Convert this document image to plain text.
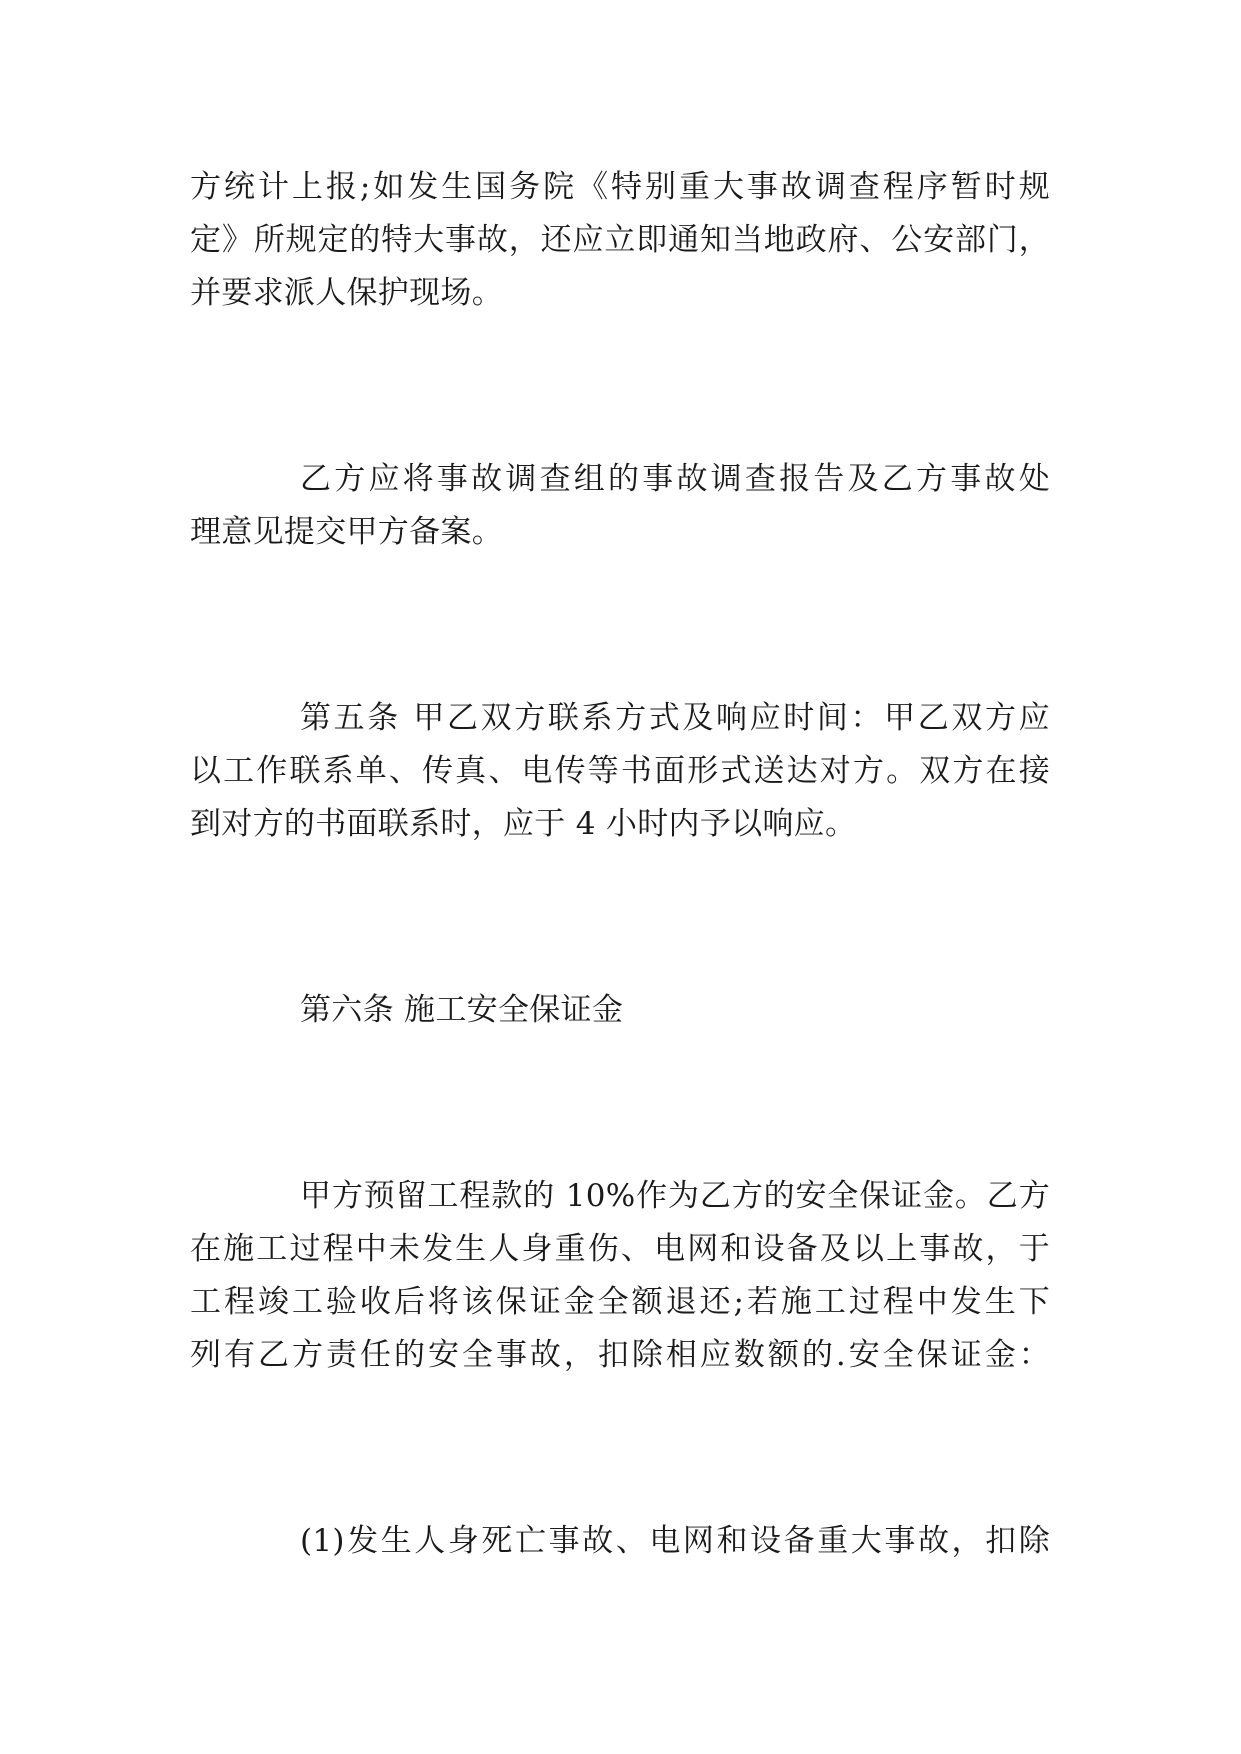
方统计上报;如发生国务院《特别重大事故调查程序暂时规

定》所规定的特大事故，还应立即通知当地政府、公安部门，

并要求派人保护现场。

乙方应将事故调查组的事故调查报告及乙方事故处

理意见提交甲方备案。

第五条 甲乙双方联系方式及响应时间：甲乙双方应

以工作联系单、传真、电传等书面形式送达对方。双方在接

到对方的书面联系时，应于 4 小时内予以响应。

第六条 施工安全保证金

甲方预留工程款的 10%作为乙方的安全保证金。乙方

在施工过程中未发生人身重伤、电网和设备及以上事故，于

工程竣工验收后将该保证金全额退还;若施工过程中发生下

列有乙方责任的安全事故，扣除相应数额的.安全保证金：

(1)发生人身死亡事故、电网和设备重大事故，扣除
